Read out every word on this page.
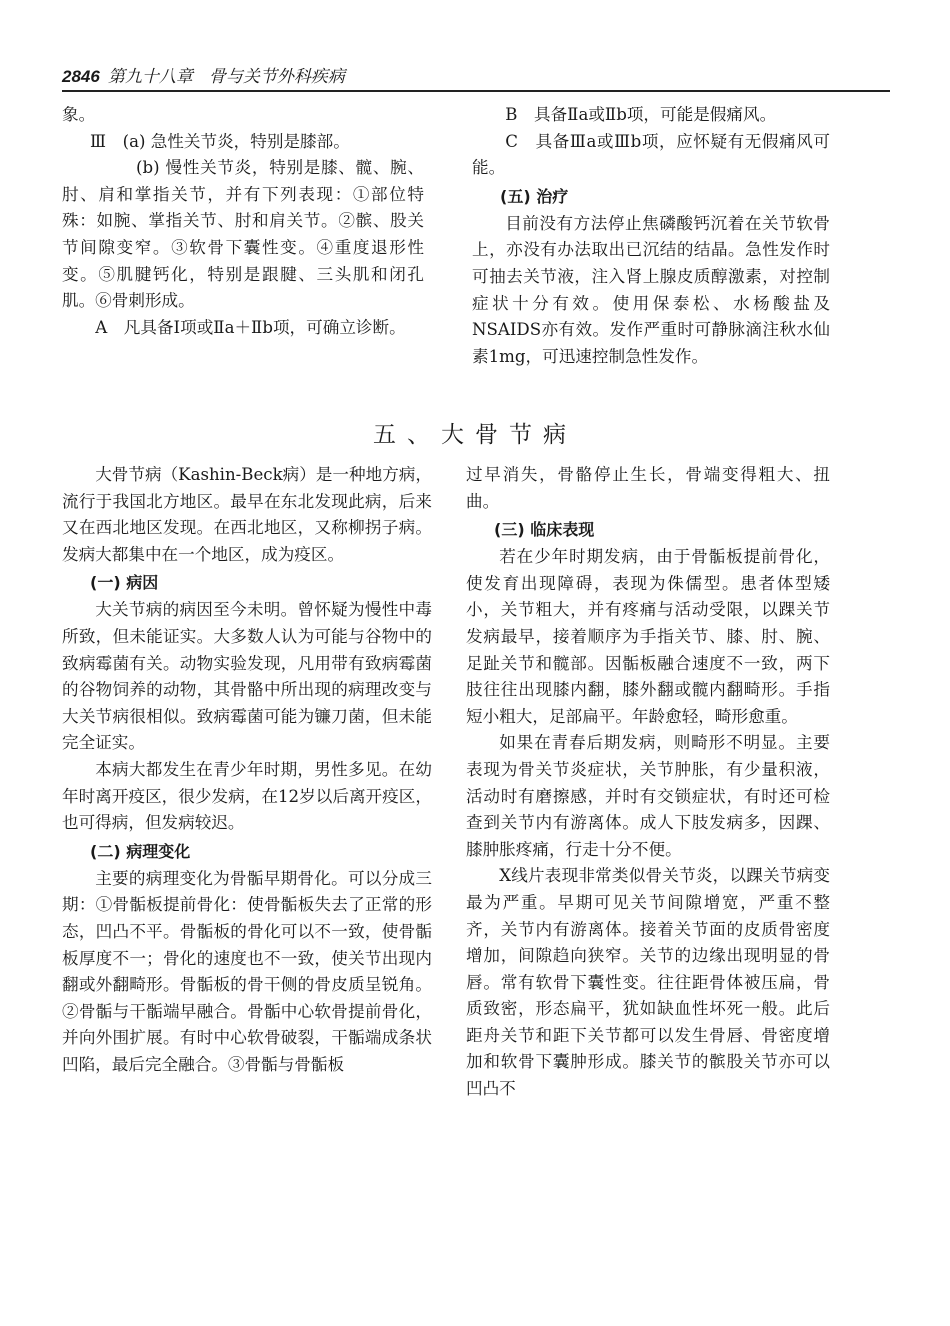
2846 第九十八章 骨与关节外科疾病

象。

Ⅲ　(a) 急性关节炎，特别是膝部。

(b) 慢性关节炎，特别是膝、髋、腕、肘、肩和掌指关节，并有下列表现：①部位特殊：如腕、掌指关节、肘和肩关节。②髌、股关节间隙变窄。③软骨下囊性变。④重度退形性变。⑤肌腱钙化，特别是跟腱、三头肌和闭孔肌。⑥骨刺形成。

A　凡具备Ⅰ项或Ⅱa＋Ⅱb项，可确立诊断。

B　具备Ⅱa或Ⅱb项，可能是假痛风。

C　具备Ⅲa或Ⅲb项，应怀疑有无假痛风可能。

(五) 治疗

目前没有方法停止焦磷酸钙沉着在关节软骨上，亦没有办法取出已沉结的结晶。急性发作时可抽去关节液，注入肾上腺皮质醇激素，对控制症状十分有效。使用保泰松、水杨酸盐及NSAIDS亦有效。发作严重时可静脉滴注秋水仙素1mg，可迅速控制急性发作。

五、大骨节病

大骨节病（Kashin-Beck病）是一种地方病，流行于我国北方地区。最早在东北发现此病，后来又在西北地区发现。在西北地区，又称柳拐子病。发病大都集中在一个地区，成为疫区。

(一) 病因

大关节病的病因至今未明。曾怀疑为慢性中毒所致，但未能证实。大多数人认为可能与谷物中的致病霉菌有关。动物实验发现，凡用带有致病霉菌的谷物饲养的动物，其骨骼中所出现的病理改变与大关节病很相似。致病霉菌可能为镰刀菌，但未能完全证实。

本病大都发生在青少年时期，男性多见。在幼年时离开疫区，很少发病，在12岁以后离开疫区，也可得病，但发病较迟。

(二) 病理变化

主要的病理变化为骨骺早期骨化。可以分成三期：①骨骺板提前骨化：使骨骺板失去了正常的形态，凹凸不平。骨骺板的骨化可以不一致，使骨骺板厚度不一；骨化的速度也不一致，使关节出现内翻或外翻畸形。骨骺板的骨干侧的骨皮质呈锐角。②骨骺与干骺端早融合。骨骺中心软骨提前骨化，并向外围扩展。有时中心软骨破裂，干骺端成条状凹陷，最后完全融合。③骨骺与骨骺板

过早消失，骨骼停止生长，骨端变得粗大、扭曲。

(三) 临床表现

若在少年时期发病，由于骨骺板提前骨化，使发育出现障碍，表现为侏儒型。患者体型矮小，关节粗大，并有疼痛与活动受限，以踝关节发病最早，接着顺序为手指关节、膝、肘、腕、足趾关节和髋部。因骺板融合速度不一致，两下肢往往出现膝内翻，膝外翻或髋内翻畸形。手指短小粗大，足部扁平。年龄愈轻，畸形愈重。

如果在青春后期发病，则畸形不明显。主要表现为骨关节炎症状，关节肿胀，有少量积液，活动时有磨擦感，并时有交锁症状，有时还可检查到关节内有游离体。成人下肢发病多，因踝、膝肿胀疼痛，行走十分不便。

X线片表现非常类似骨关节炎，以踝关节病变最为严重。早期可见关节间隙增宽，严重不整齐，关节内有游离体。接着关节面的皮质骨密度增加，间隙趋向狭窄。关节的边缘出现明显的骨唇。常有软骨下囊性变。往往距骨体被压扁，骨质致密，形态扁平，犹如缺血性坏死一般。此后距舟关节和距下关节都可以发生骨唇、骨密度增加和软骨下囊肿形成。膝关节的髌股关节亦可以凹凸不
